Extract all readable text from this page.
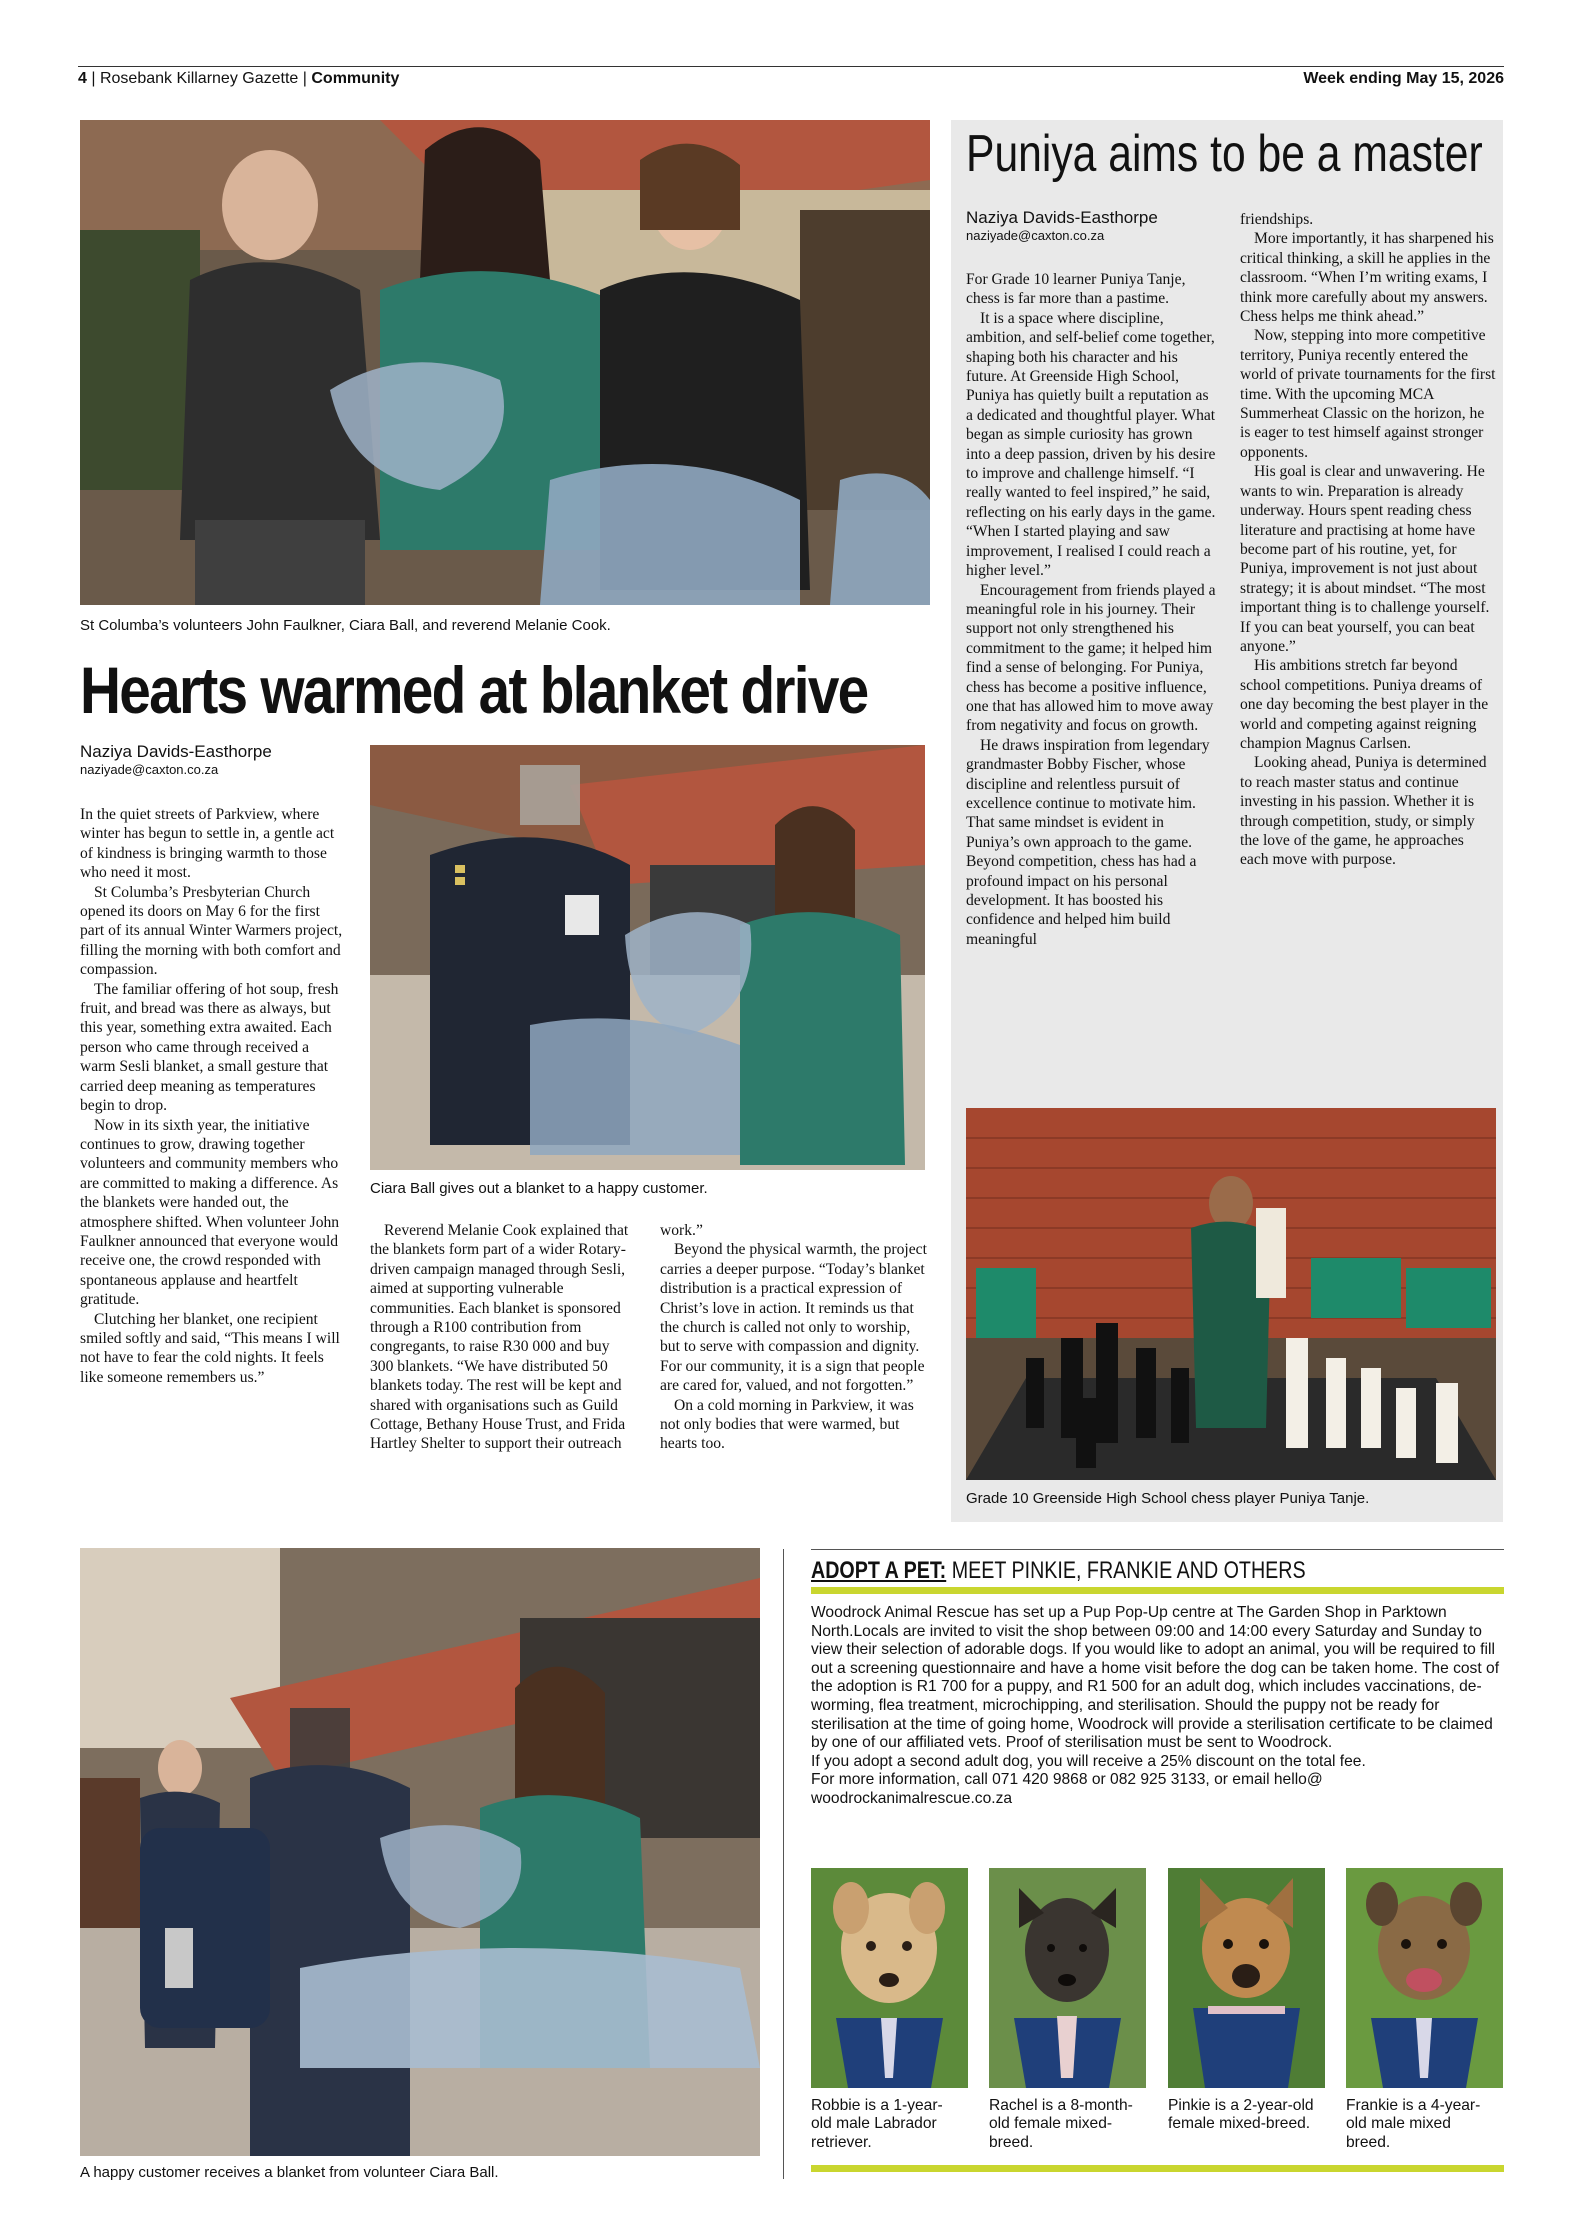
4 | Rosebank Killarney Gazette | Community	Week ending May 15, 2026
St Columba’s volunteers John Faulkner, Ciara Ball, and reverend Melanie Cook.
Hearts warmed at blanket drive
Naziya Davids-Easthorpe
naziyade@caxton.co.za

In the quiet streets of Parkview, where winter has begun to settle in, a gentle act of kindness is bringing warmth to those who need it most.

St Columba’s Presbyterian Church opened its doors on May 6 for the first part of its annual Winter Warmers project, filling the morning with both comfort and compassion.

The familiar offering of hot soup, fresh fruit, and bread was there as always, but this year, something extra awaited. Each person who came through received a warm Sesli blanket, a small gesture that carried deep meaning as temperatures begin to drop.

Now in its sixth year, the initiative continues to grow, drawing together volunteers and community members who are committed to making a difference. As the blankets were handed out, the atmosphere shifted. When volunteer John Faulkner announced that everyone would receive one, the crowd responded with spontaneous applause and heartfelt gratitude.

Clutching her blanket, one recipient smiled softly and said, “This means I will not have to fear the cold nights. It feels like someone remembers us.”

Ciara Ball gives out a blanket to a happy customer.

Reverend Melanie Cook explained that the blankets form part of a wider Rotary-driven campaign managed through Sesli, aimed at supporting vulnerable communities. Each blanket is sponsored through a R100 contribution from congregants, to raise R30 000 and buy 300 blankets. “We have distributed 50 blankets today. The rest will be kept and shared with organisations such as Guild Cottage, Bethany House Trust, and Frida Hartley Shelter to support their outreach

work.”

Beyond the physical warmth, the project carries a deeper purpose. “Today’s blanket distribution is a practical expression of Christ’s love in action. It reminds us that the church is called not only to worship, but to serve with compassion and dignity. For our community, it is a sign that people are cared for, valued, and not forgotten.”

On a cold morning in Parkview, it was not only bodies that were warmed, but hearts too.

Puniya aims to be a master
Naziya Davids-Easthorpe
naziyade@caxton.co.za

For Grade 10 learner Puniya Tanje, chess is far more than a pastime.

It is a space where discipline, ambition, and self-belief come together, shaping both his character and his future. At Greenside High School, Puniya has quietly built a reputation as a dedicated and thoughtful player. What began as simple curiosity has grown into a deep passion, driven by his desire to improve and challenge himself. “I really wanted to feel inspired,” he said, reflecting on his early days in the game. “When I started playing and saw improvement, I realised I could reach a higher level.”

Encouragement from friends played a meaningful role in his journey. Their support not only strengthened his commitment to the game; it helped him find a sense of belonging. For Puniya, chess has become a positive influence, one that has allowed him to move away from negativity and focus on growth.

He draws inspiration from legendary grandmaster Bobby Fischer, whose discipline and relentless pursuit of excellence continue to motivate him. That same mindset is evident in Puniya’s own approach to the game. Beyond competition, chess has had a profound impact on his personal development. It has boosted his confidence and helped him build meaningful

friendships.

More importantly, it has sharpened his critical thinking, a skill he applies in the classroom. “When I’m writing exams, I think more carefully about my answers. Chess helps me think ahead.”

Now, stepping into more competitive territory, Puniya recently entered the world of private tournaments for the first time. With the upcoming MCA Summerheat Classic on the horizon, he is eager to test himself against stronger opponents.

His goal is clear and unwavering. He wants to win. Preparation is already underway. Hours spent reading chess literature and practising at home have become part of his routine, yet, for Puniya, improvement is not just about strategy; it is about mindset. “The most important thing is to challenge yourself. If you can beat yourself, you can beat anyone.”

His ambitions stretch far beyond school competitions. Puniya dreams of one day becoming the best player in the world and competing against reigning champion Magnus Carlsen.

Looking ahead, Puniya is determined to reach master status and continue investing in his passion. Whether it is through competition, study, or simply the love of the game, he approaches each move with purpose.

Grade 10 Greenside High School chess player Puniya Tanje.
A happy customer receives a blanket from volunteer Ciara Ball.
ADOPT A PET: MEET PINKIE, FRANKIE AND OTHERS
Woodrock Animal Rescue has set up a Pup Pop-Up centre at The Garden Shop in Parktown North.Locals are invited to visit the shop between 09:00 and 14:00 every Saturday and Sunday to view their selection of adorable dogs. If you would like to adopt an animal, you will be required to fill out a screening questionnaire and have a home visit before the dog can be taken home. The cost of the adoption is R1 700 for a puppy, and R1 500 for an adult dog, which includes vaccinations, de-worming, flea treatment, microchipping, and sterilisation. Should the puppy not be ready for sterilisation at the time of going home, Woodrock will provide a sterilisation certificate to be claimed by one of our affiliated vets. Proof of sterilisation must be sent to Woodrock.
If you adopt a second adult dog, you will receive a 25% discount on the total fee.
For more information, call 071 420 9868 or 082 925 3133, or email hello@ woodrockanimalrescue.co.za
Robbie is a 1-year-old male Labrador retriever.
Rachel is a 8-month-old female mixed-breed.
Pinkie is a 2-year-old female mixed-breed.
Frankie is a 4-year-old male mixed breed.
